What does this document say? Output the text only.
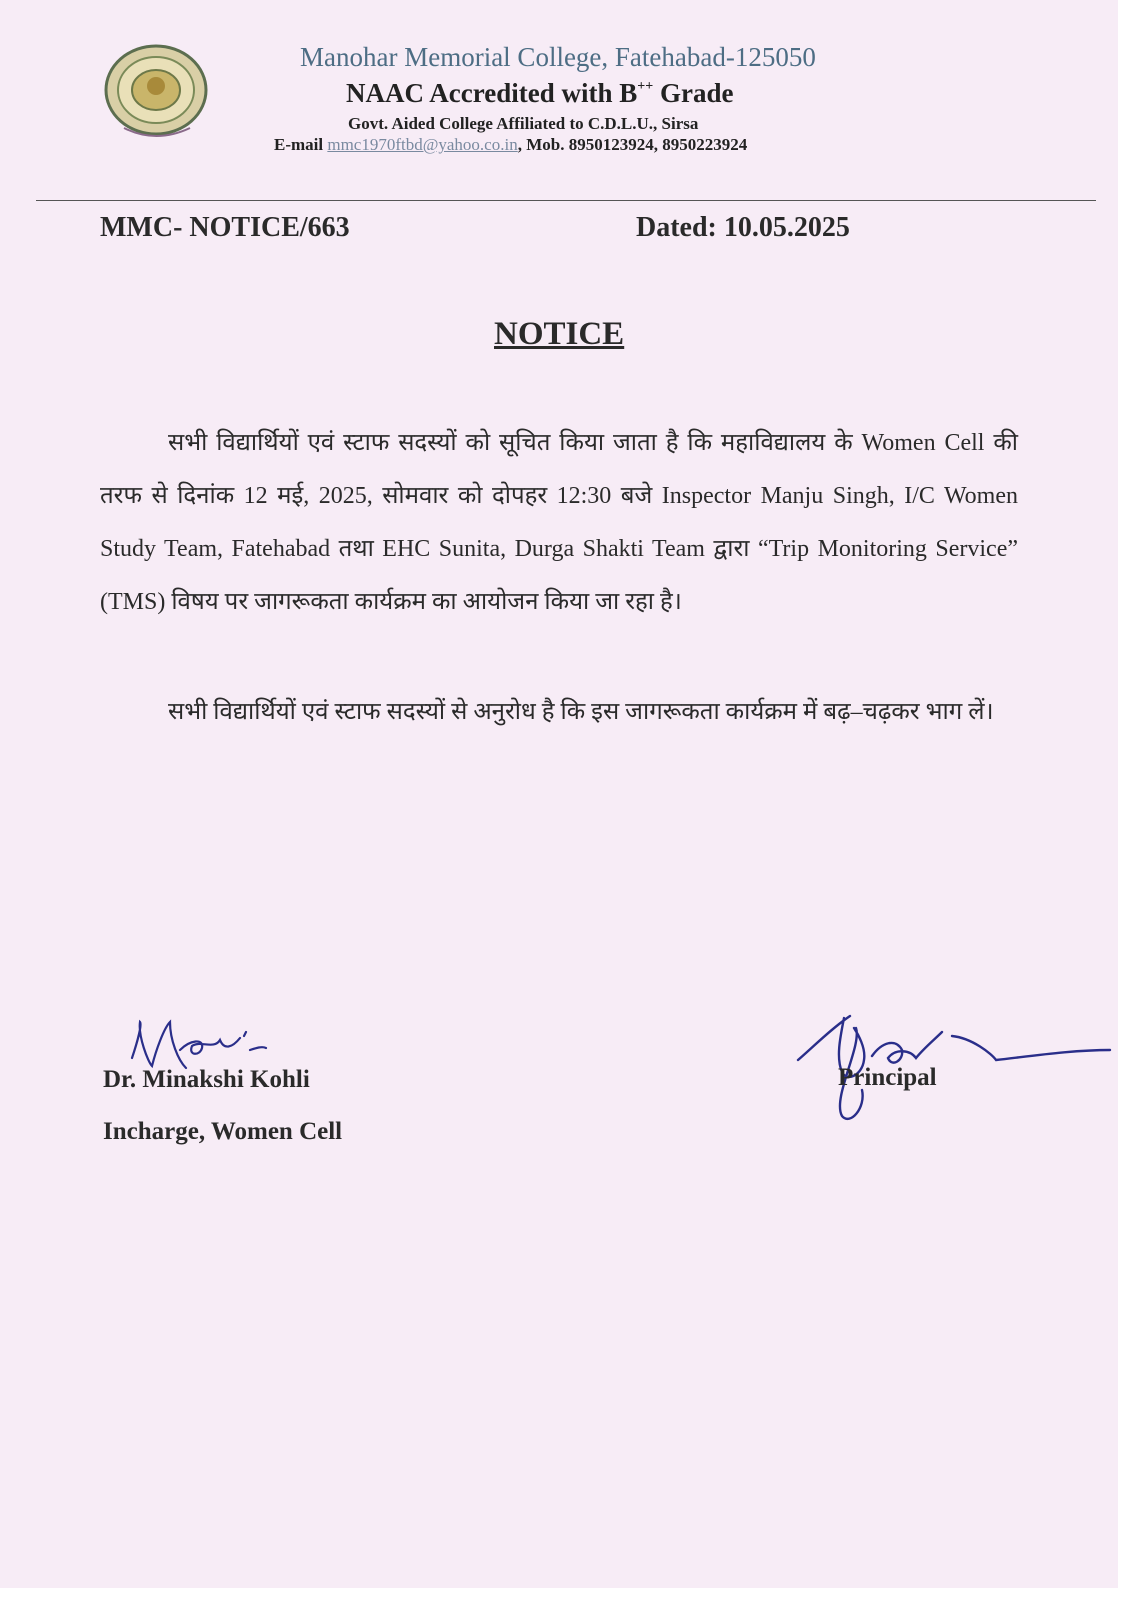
Manohar Memorial College, Fatehabad-125050
NAAC Accredited with B++ Grade
Govt. Aided College Affiliated to C.D.L.U., Sirsa
E-mail mmc1970ftbd@yahoo.co.in, Mob. 8950123924, 8950223924
MMC- NOTICE/663	Dated: 10.05.2025
NOTICE

सभी विद्यार्थियों एवं स्टाफ सदस्यों को सूचित किया जाता है कि महाविद्यालय के Women Cell की तरफ से दिनांक 12 मई, 2025, सोमवार को दोपहर 12:30 बजे Inspector Manju Singh, I/C Women Study Team, Fatehabad तथा EHC Sunita, Durga Shakti Team द्वारा “Trip Monitoring Service” (TMS) विषय पर जागरूकता कार्यक्रम का आयोजन किया जा रहा है।

सभी विद्यार्थियों एवं स्टाफ सदस्यों से अनुरोध है कि इस जागरूकता कार्यक्रम में बढ़–चढ़कर भाग लें।

Dr. Minakshi Kohli
Incharge, Women Cell
Principal
